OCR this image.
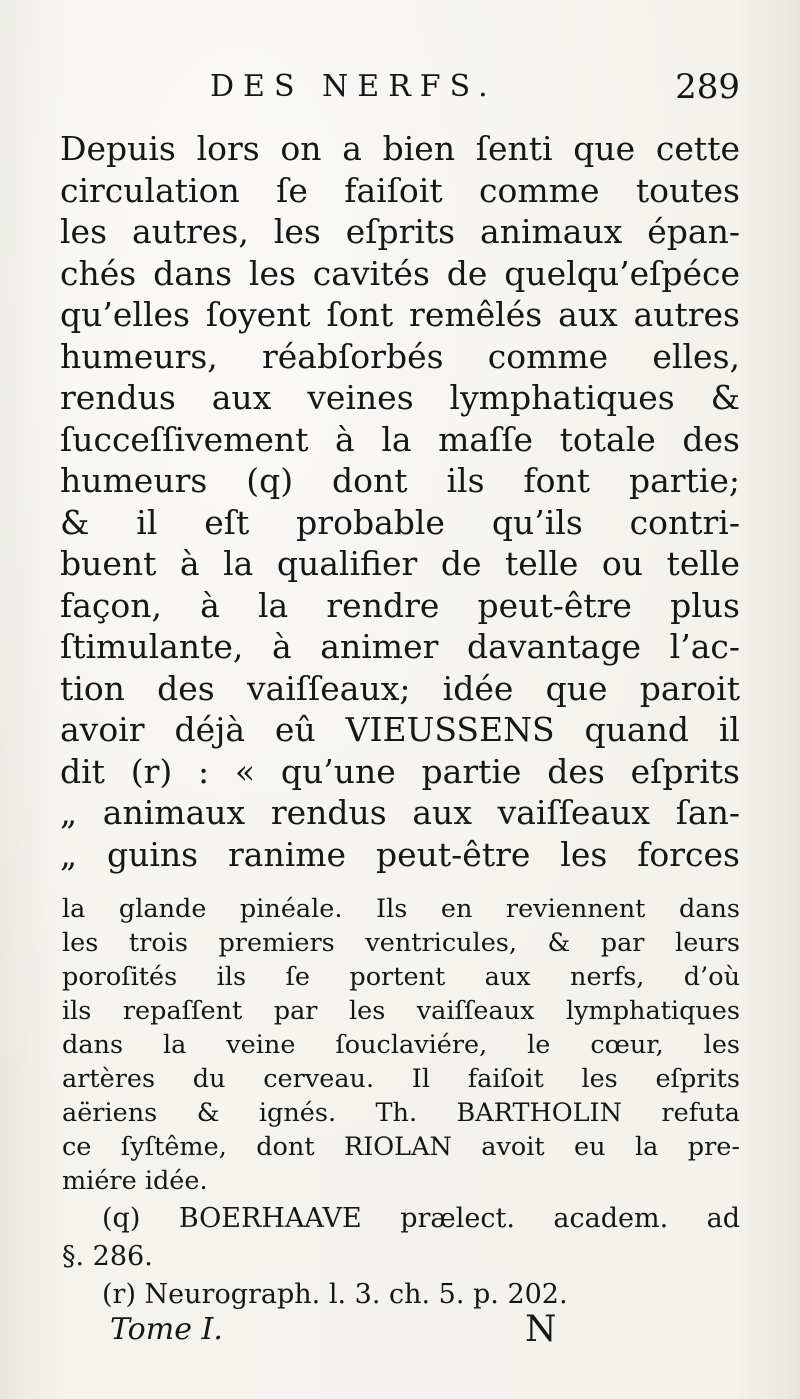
DES NERFS.	289
Depuis lors on a bien ſenti que cette
circulation ſe faiſoit comme toutes
les autres, les eſprits animaux épan-
chés dans les cavités de quelqu’eſpéce
qu’elles ſoyent ſont remêlés aux autres
humeurs, réabſorbés comme elles,
rendus aux veines lymphatiques &
ſucceſſivement à la maſſe totale des
humeurs (q) dont ils font partie;
& il eſt probable qu’ils contri-
buent à la qualifier de telle ou telle
façon, à la rendre peut-être plus
ſtimulante, à animer davantage l’ac-
tion des vaiſſeaux; idée que paroit
avoir déjà eû VIEUSSENS quand il
dit (r) : « qu’une partie des eſprits
„ animaux rendus aux vaiſſeaux ſan-
„ guins ranime peut-être les forces
la glande pinéale. Ils en reviennent dans
les trois premiers ventricules, & par leurs
poroſités ils ſe portent aux nerfs, d’où
ils repaſſent par les vaiſſeaux lymphatiques
dans la veine ſouclaviére, le cœur, les
artères du cerveau. Il faiſoit les eſprits
aëriens & ignés. Th. BARTHOLIN refuta
ce ſyſtême, dont RIOLAN avoit eu la pre-
miére idée.
(q) BOERHAAVE prælect. academ. ad
§. 286.
(r) Neurograph. l. 3. ch. 5. p. 202.
Tome I.	N
